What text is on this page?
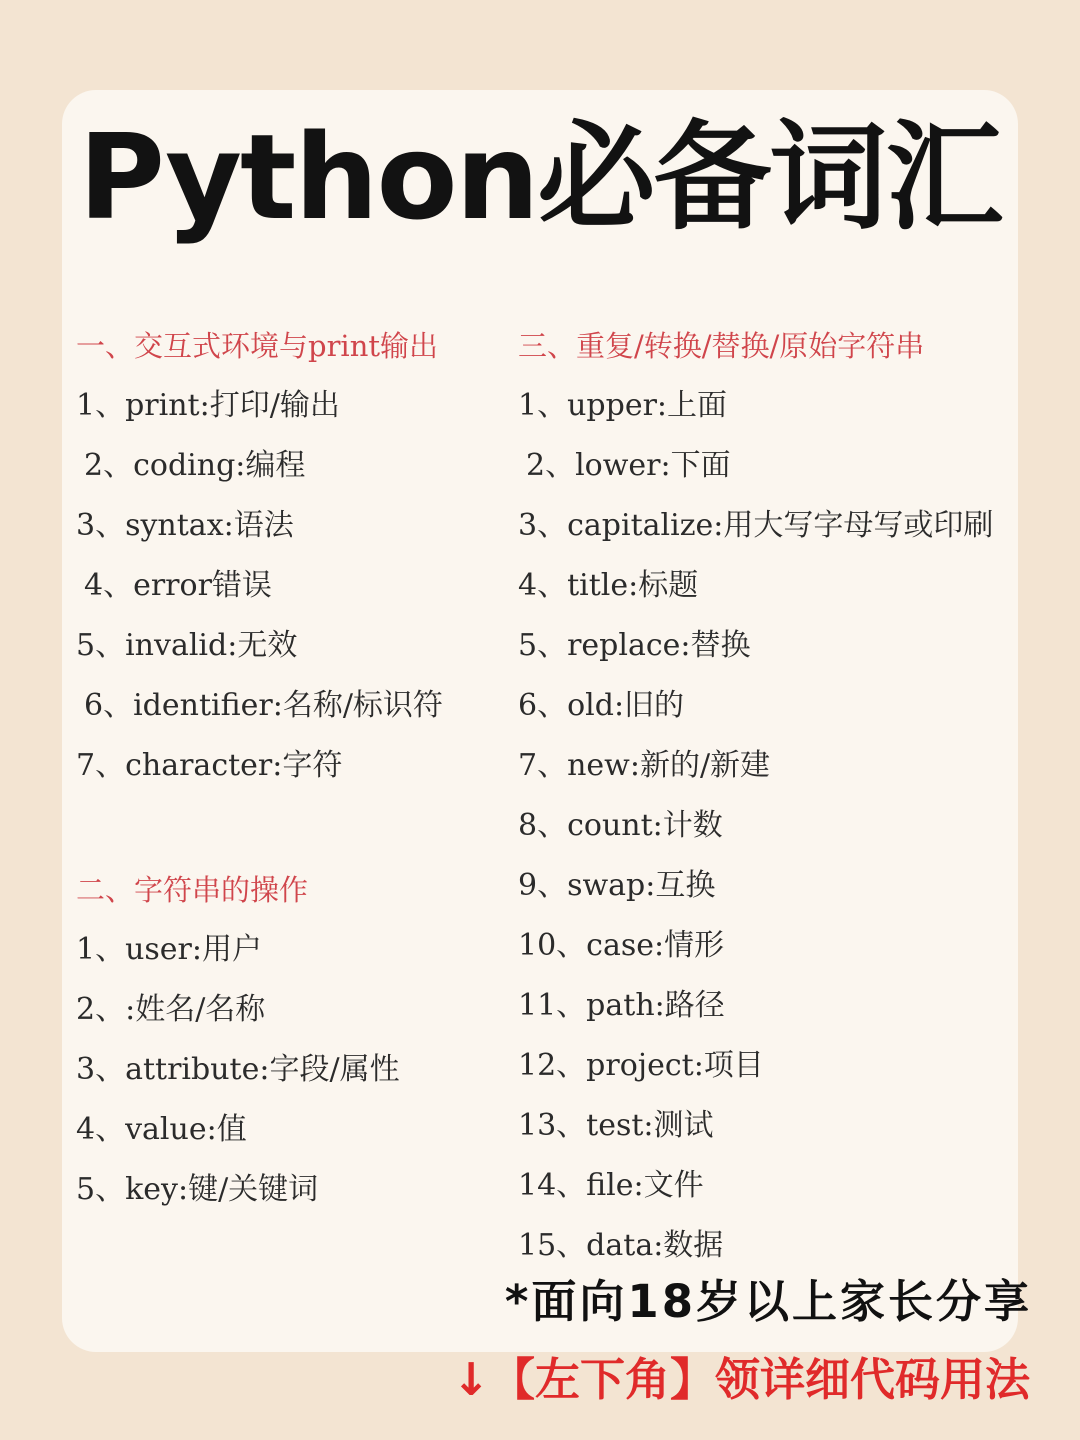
Python必备词汇
一、交互式环境与print输出
1、print:打印/输出
2、coding:编程
3、syntax:语法
4、error错误
5、invalid:无效
6、identifier:名称/标识符
7、character:字符
二、字符串的操作
1、user:用户
2、:姓名/名称
3、attribute:字段/属性
4、value:值
5、key:键/关键词
三、重复/转换/替换/原始字符串
1、upper:上面
2、lower:下面
3、capitalize:用大写字母写或印刷
4、title:标题
5、replace:替换
6、old:旧的
7、new:新的/新建
8、count:计数
9、swap:互换
10、case:情形
11、path:路径
12、project:项目
13、test:测试
14、file:文件
15、data:数据
*面向18岁以上家长分享
↓【左下角】领详细代码用法
